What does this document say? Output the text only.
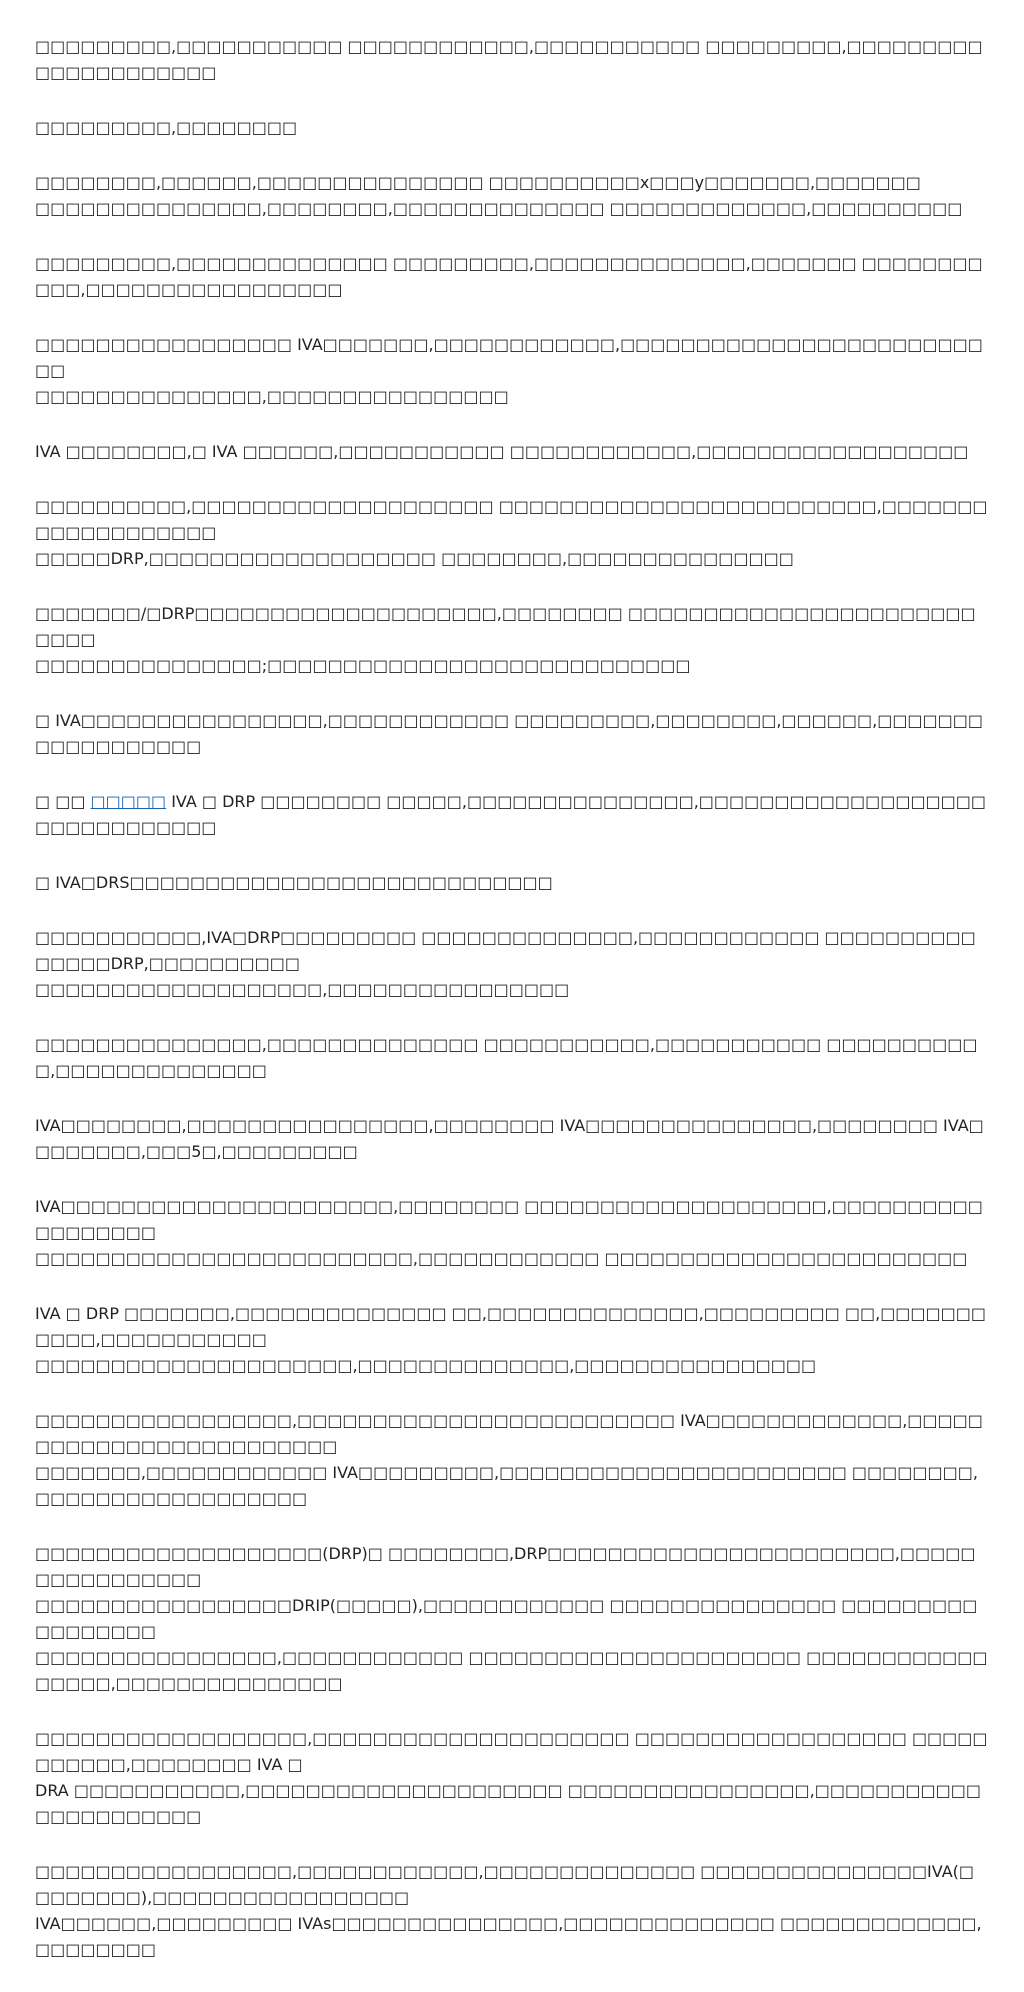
□□□□□□□□□,□□□□□□□□□□□ □□□□□□□□□□□□,□□□□□□□□□□□ □□□□□□□□□,□□□□□□□□□□□□□□□□□□□□□

□□□□□□□□□,□□□□□□□□

□□□□□□□□,□□□□□□,□□□□□□□□□□□□□□□ □□□□□□□□□□x□□□y□□□□□□□,□□□□□□□
□□□□□□□□□□□□□□□,□□□□□□□□,□□□□□□□□□□□□□□ □□□□□□□□□□□□□,□□□□□□□□□□

□□□□□□□□□,□□□□□□□□□□□□□□ □□□□□□□□□,□□□□□□□□□□□□□□,□□□□□□□ □□□□□□□□□□□,□□□□□□□□□□□□□□□□□

□□□□□□□□□□□□□□□□□ IVA□□□□□□□,□□□□□□□□□□□□,□□□□□□□□□□□□□□□□□□□□□□□□□□
□□□□□□□□□□□□□□□,□□□□□□□□□□□□□□□□

IVA □□□□□□□□,□ IVA □□□□□□,□□□□□□□□□□□ □□□□□□□□□□□□,□□□□□□□□□□□□□□□□□□

□□□□□□□□□□,□□□□□□□□□□□□□□□□□□□□ □□□□□□□□□□□□□□□□□□□□□□□□□,□□□□□□□□□□□□□□□□□□□
□□□□□DRP,□□□□□□□□□□□□□□□□□□□ □□□□□□□□,□□□□□□□□□□□□□□□

□□□□□□□/□DRP□□□□□□□□□□□□□□□□□□□□,□□□□□□□□ □□□□□□□□□□□□□□□□□□□□□□□□□□□
□□□□□□□□□□□□□□□;□□□□□□□□□□□□□□□□□□□□□□□□□□□□

□ IVA□□□□□□□□□□□□□□□□,□□□□□□□□□□□□ □□□□□□□□□,□□□□□□□□,□□□□□□,□□□□□□□□□□□□□□□□□□

□ □□ □□□□□ IVA □ DRP □□□□□□□□ □□□□□,□□□□□□□□□□□□□□□,□□□□□□□□□□□□□□□□□□□□□□□□□□□□□□□

□ IVA□DRS□□□□□□□□□□□□□□□□□□□□□□□□□□□□

□□□□□□□□□□□,IVA□DRP□□□□□□□□□ □□□□□□□□□□□□□□,□□□□□□□□□□□□ □□□□□□□□□□□□□□□DRP,□□□□□□□□□□
□□□□□□□□□□□□□□□□□□□,□□□□□□□□□□□□□□□□

□□□□□□□□□□□□□□□,□□□□□□□□□□□□□□ □□□□□□□□□□□,□□□□□□□□□□□ □□□□□□□□□□□,□□□□□□□□□□□□□□

IVA□□□□□□□□,□□□□□□□□□□□□□□□□,□□□□□□□□ IVA□□□□□□□□□□□□□□□,□□□□□□□□ IVA□□□□□□□□,□□□5□,□□□□□□□□□

IVA□□□□□□□□□□□□□□□□□□□□□□,□□□□□□□□ □□□□□□□□□□□□□□□□□□□□,□□□□□□□□□□□□□□□□□□
□□□□□□□□□□□□□□□□□□□□□□□□□,□□□□□□□□□□□□ □□□□□□□□□□□□□□□□□□□□□□□□

IVA □ DRP □□□□□□□,□□□□□□□□□□□□□□ □□,□□□□□□□□□□□□□□,□□□□□□□□□ □□,□□□□□□□□□□□,□□□□□□□□□□□
□□□□□□□□□□□□□□□□□□□□□,□□□□□□□□□□□□□□,□□□□□□□□□□□□□□□□

□□□□□□□□□□□□□□□□□,□□□□□□□□□□□□□□□□□□□□□□□□□ IVA□□□□□□□□□□□□□,□□□□□□□□□□□□□□□□□□□□□□□□□
□□□□□□□,□□□□□□□□□□□□ IVA□□□□□□□□□,□□□□□□□□□□□□□□□□□□□□□□□ □□□□□□□□,□□□□□□□□□□□□□□□□□□

□□□□□□□□□□□□□□□□□□□(DRP)□ □□□□□□□□,DRP□□□□□□□□□□□□□□□□□□□□□□□,□□□□□□□□□□□□□□□□
□□□□□□□□□□□□□□□□□DRIP(□□□□□),□□□□□□□□□□□□ □□□□□□□□□□□□□□□ □□□□□□□□□□□□□□□□□
□□□□□□□□□□□□□□□□,□□□□□□□□□□□□ □□□□□□□□□□□□□□□□□□□□□□ □□□□□□□□□□□□□□□□□,□□□□□□□□□□□□□□□

□□□□□□□□□□□□□□□□□□,□□□□□□□□□□□□□□□□□□□□□ □□□□□□□□□□□□□□□□□□ □□□□□□□□□□□,□□□□□□□□ IVA □
DRA □□□□□□□□□□□,□□□□□□□□□□□□□□□□□□□□□ □□□□□□□□□□□□□□□□,□□□□□□□□□□□□□□□□□□□□□□

□□□□□□□□□□□□□□□□□,□□□□□□□□□□□□,□□□□□□□□□□□□□□ □□□□□□□□□□□□□□□IVA(□□□□□□□□),□□□□□□□□□□□□□□□□□
IVA□□□□□□,□□□□□□□□□ IVAs□□□□□□□□□□□□□□□,□□□□□□□□□□□□□□ □□□□□□□□□□□□□,□□□□□□□□
